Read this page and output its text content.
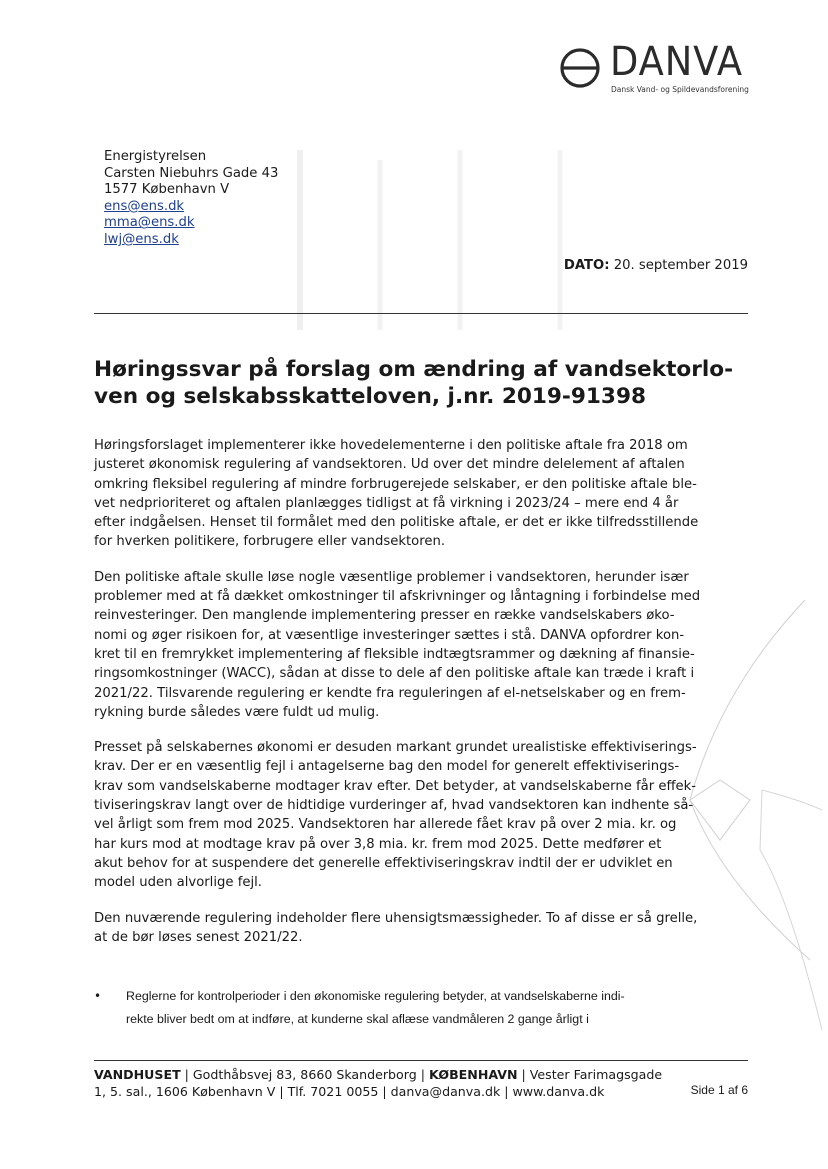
DANVA
Dansk Vand- og Spildevandsforening
Energistyrelsen
Carsten Niebuhrs Gade 43
1577 København V
ens@ens.dk
mma@ens.dk
lwj@ens.dk
DATO: 20. september 2019
Høringssvar på forslag om ændring af vandsektorlo-
ven og selskabsskatteloven, j.nr. 2019-91398
Høringsforslaget implementerer ikke hovedelementerne i den politiske aftale fra 2018 om
justeret økonomisk regulering af vandsektoren. Ud over det mindre delelement af aftalen
omkring fleksibel regulering af mindre forbrugerejede selskaber, er den politiske aftale ble-
vet nedprioriteret og aftalen planlægges tidligst at få virkning i 2023/24 – mere end 4 år
efter indgåelsen. Henset til formålet med den politiske aftale, er det er ikke tilfredsstillende
for hverken politikere, forbrugere eller vandsektoren.
Den politiske aftale skulle løse nogle væsentlige problemer i vandsektoren, herunder især
problemer med at få dækket omkostninger til afskrivninger og låntagning i forbindelse med
reinvesteringer. Den manglende implementering presser en række vandselskabers øko-
nomi og øger risikoen for, at væsentlige investeringer sættes i stå. DANVA opfordrer kon-
kret til en fremrykket implementering af fleksible indtægtsrammer og dækning af finansie-
ringsomkostninger (WACC), sådan at disse to dele af den politiske aftale kan træde i kraft i
2021/22. Tilsvarende regulering er kendte fra reguleringen af el-netselskaber og en frem-
rykning burde således være fuldt ud mulig.
Presset på selskabernes økonomi er desuden markant grundet urealistiske effektiviserings-
krav. Der er en væsentlig fejl i antagelserne bag den model for generelt effektiviserings-
krav som vandselskaberne modtager krav efter. Det betyder, at vandselskaberne får effek-
tiviseringskrav langt over de hidtidige vurderinger af, hvad vandsektoren kan indhente så-
vel årligt som frem mod 2025. Vandsektoren har allerede fået krav på over 2 mia. kr. og
har kurs mod at modtage krav på over 3,8 mia. kr. frem mod 2025. Dette medfører et
akut behov for at suspendere det generelle effektiviseringskrav indtil der er udviklet en
model uden alvorlige fejl.
Den nuværende regulering indeholder flere uhensigtsmæssigheder. To af disse er så grelle,
at de bør løses senest 2021/22.
• Reglerne for kontrolperioder i den økonomiske regulering betyder, at vandselskaberne indi-
rekte bliver bedt om at indføre, at kunderne skal aflæse vandmåleren 2 gange årligt i
VANDHUSET | Godthåbsvej 83, 8660 Skanderborg | KØBENHAVN | Vester Farimagsgade
1, 5. sal., 1606 København V | Tlf. 7021 0055 | danva@danva.dk | www.danva.dk	Side 1 af 6
